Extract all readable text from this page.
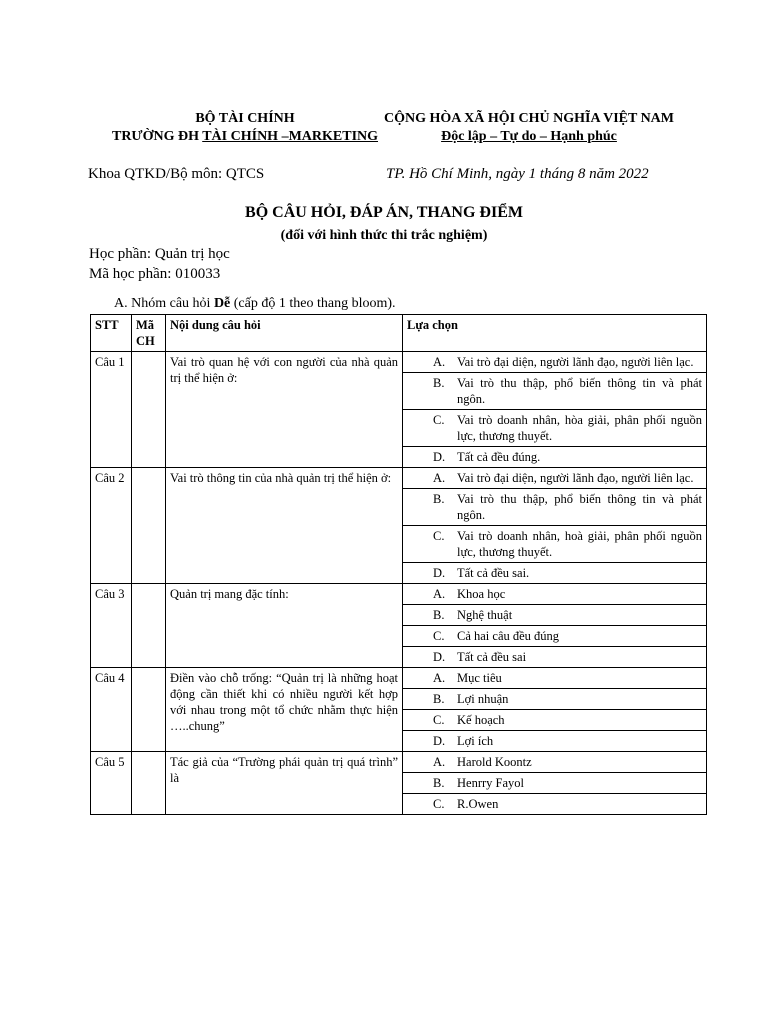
BỘ TÀI CHÍNH
TRƯỜNG ĐH TÀI CHÍNH –MARKETING
CỘNG HÒA XÃ HỘI CHỦ NGHĨA VIỆT NAM
Độc lập – Tự do – Hạnh phúc
Khoa QTKD/Bộ môn: QTCS	TP. Hồ Chí Minh, ngày 1 tháng 8 năm 2022
BỘ CÂU HỎI, ĐÁP ÁN, THANG ĐIỂM
(đối với hình thức thi trắc nghiệm)
Học phần: Quản trị học
Mã học phần: 010033
A. Nhóm câu hỏi Dễ (cấp độ 1 theo thang bloom).
STT	Mã CH	Nội dung câu hỏi	Lựa chọn
Câu 1		Vai trò quan hệ với con người của nhà quản trị thể hiện ở:	A. Vai trò đại diện, người lãnh đạo, người liên lạc.

			B. Vai trò thu thập, phổ biến thông tin và phát ngôn.

			C. Vai trò doanh nhân, hòa giải, phân phối nguồn lực, thương thuyết.

			D. Tất cả đều đúng.

Câu 2		Vai trò thông tin của nhà quản trị thể hiện ở:	A. Vai trò đại diện, người lãnh đạo, người liên lạc.

			B. Vai trò thu thập, phổ biến thông tin và phát ngôn.

			C. Vai trò doanh nhân, hoà giải, phân phối nguồn lực, thương thuyết.

			D. Tất cả đều sai.

Câu 3		Quản trị mang đặc tính:	A. Khoa học

			B. Nghệ thuật

			C. Cả hai câu đều đúng

			D. Tất cả đều sai

Câu 4		Điền vào chỗ trống: “Quản trị là những hoạt động cần thiết khi có nhiều người kết hợp với nhau trong một tổ chức nhằm thực hiện …..chung”	A. Mục tiêu

			B. Lợi nhuận

			C. Kế hoạch

			D. Lợi ích

Câu 5		Tác giả của “Trường phái quản trị quá trình” là	A. Harold Koontz

			B. Henrry Fayol

			C. R.Owen
